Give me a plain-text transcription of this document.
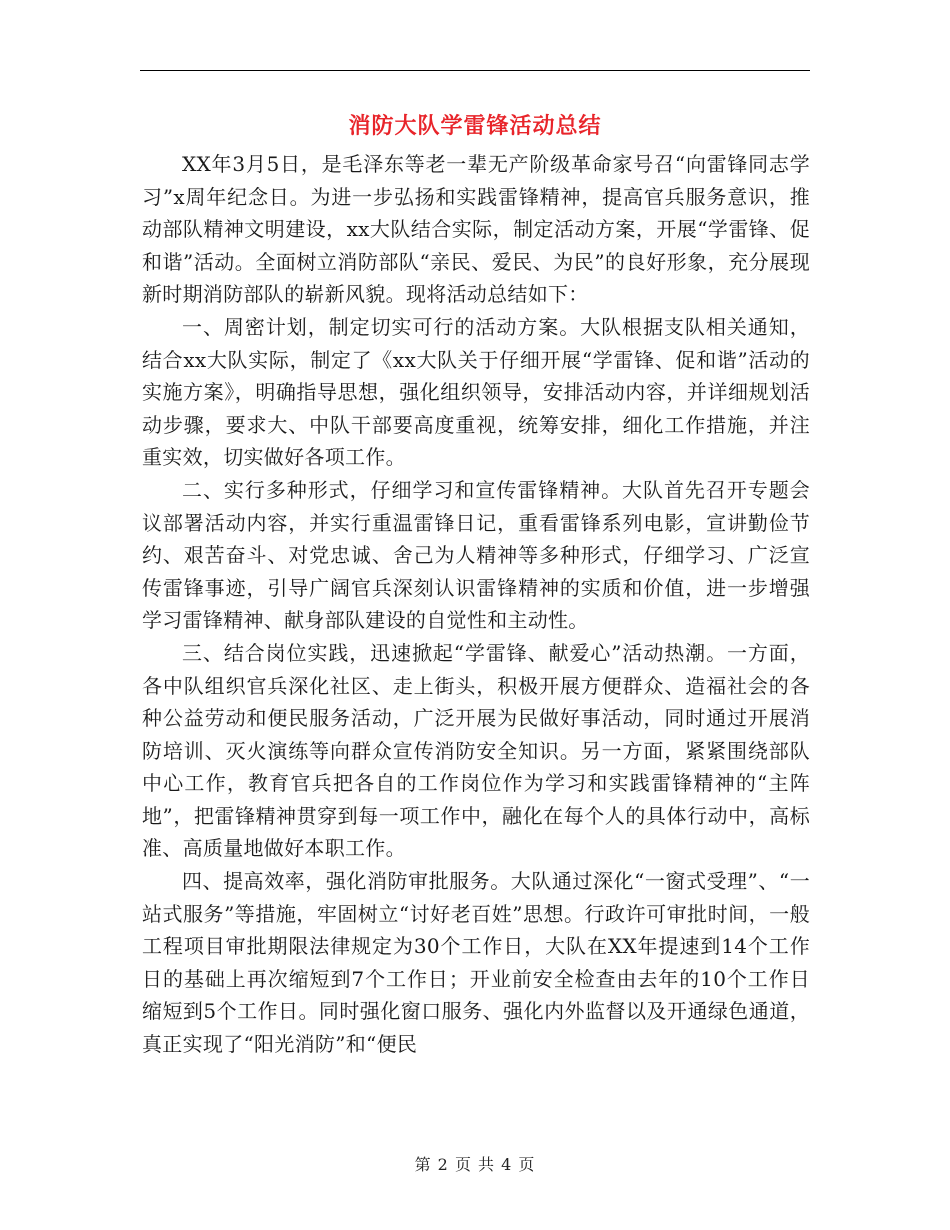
消防大队学雷锋活动总结

XX年3月5日，是毛泽东等老一辈无产阶级革命家号召“向雷锋同志学习”x周年纪念日。为进一步弘扬和实践雷锋精神，提高官兵服务意识，推动部队精神文明建设，xx大队结合实际，制定活动方案，开展“学雷锋、促和谐”活动。全面树立消防部队“亲民、爱民、为民”的良好形象，充分展现新时期消防部队的崭新风貌。现将活动总结如下：

一、周密计划，制定切实可行的活动方案。大队根据支队相关通知，结合xx大队实际，制定了《xx大队关于仔细开展“学雷锋、促和谐”活动的实施方案》，明确指导思想，强化组织领导，安排活动内容，并详细规划活动步骤，要求大、中队干部要高度重视，统筹安排，细化工作措施，并注重实效，切实做好各项工作。

二、实行多种形式，仔细学习和宣传雷锋精神。大队首先召开专题会议部署活动内容，并实行重温雷锋日记，重看雷锋系列电影，宣讲勤俭节约、艰苦奋斗、对党忠诚、舍己为人精神等多种形式，仔细学习、广泛宣传雷锋事迹，引导广阔官兵深刻认识雷锋精神的实质和价值，进一步增强学习雷锋精神、献身部队建设的自觉性和主动性。

三、结合岗位实践，迅速掀起“学雷锋、献爱心”活动热潮。一方面，各中队组织官兵深化社区、走上街头，积极开展方便群众、造福社会的各种公益劳动和便民服务活动，广泛开展为民做好事活动，同时通过开展消防培训、灭火演练等向群众宣传消防安全知识。另一方面，紧紧围绕部队中心工作，教育官兵把各自的工作岗位作为学习和实践雷锋精神的“主阵地”，把雷锋精神贯穿到每一项工作中，融化在每个人的具体行动中，高标准、高质量地做好本职工作。

四、提高效率，强化消防审批服务。大队通过深化“一窗式受理”、“一站式服务”等措施，牢固树立“讨好老百姓”思想。行政许可审批时间，一般工程项目审批期限法律规定为30个工作日，大队在XX年提速到14个工作日的基础上再次缩短到7个工作日；开业前安全检查由去年的10个工作日缩短到5个工作日。同时强化窗口服务、强化内外监督以及开通绿色通道，真正实现了“阳光消防”和“便民

第 2 页 共 4 页
